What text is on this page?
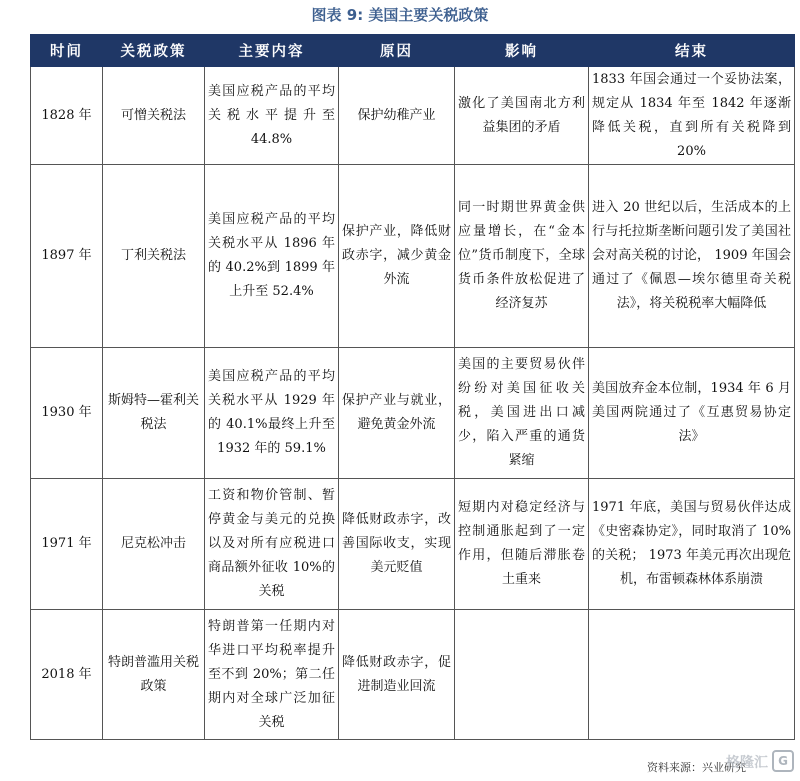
图表 9: 美国主要关税政策
时间	关税政策	主要内容	原因	影响	结束
1828 年	可憎关税法	美国应税产品的平均关税水平提升至 44.8%	保护幼稚产业	激化了美国南北方利益集团的矛盾	1833 年国会通过一个妥协法案，规定从 1834 年至 1842 年逐渐降低关税，直到所有关税降到 20%
1897 年	丁利关税法	美国应税产品的平均关税水平从 1896 年的 40.2%到 1899 年上升至 52.4%	保护产业，降低财政赤字，减少黄金外流	同一时期世界黄金供应量增长，在“金本位”货币制度下，全球货币条件放松促进了经济复苏	进入 20 世纪以后，生活成本的上行与托拉斯垄断问题引发了美国社会对高关税的讨论， 1909 年国会通过了《佩恩—埃尔德里奇关税法》，将关税税率大幅降低
1930 年	斯姆特—霍利关税法	美国应税产品的平均关税水平从 1929 年的 40.1%最终上升至 1932 年的 59.1%	保护产业与就业，避免黄金外流	美国的主要贸易伙伴纷纷对美国征收关税，美国进出口减少，陷入严重的通货紧缩	美国放弃金本位制，1934 年 6 月美国两院通过了《互惠贸易协定法》
1971 年	尼克松冲击	工资和物价管制、暂停黄金与美元的兑换以及对所有应税进口商品额外征收 10%的关税	降低财政赤字，改善国际收支，实现美元贬值	短期内对稳定经济与控制通胀起到了一定作用，但随后滞胀卷土重来	1971 年底，美国与贸易伙伴达成《史密森协定》，同时取消了 10%的关税； 1973 年美元再次出现危机，布雷顿森林体系崩溃
2018 年	特朗普滥用关税政策	特朗普第一任期内对华进口平均税率提升至不到 20%；第二任期内对全球广泛加征关税	降低财政赤字，促进制造业回流		
资料来源：兴业研究
格隆汇 G
